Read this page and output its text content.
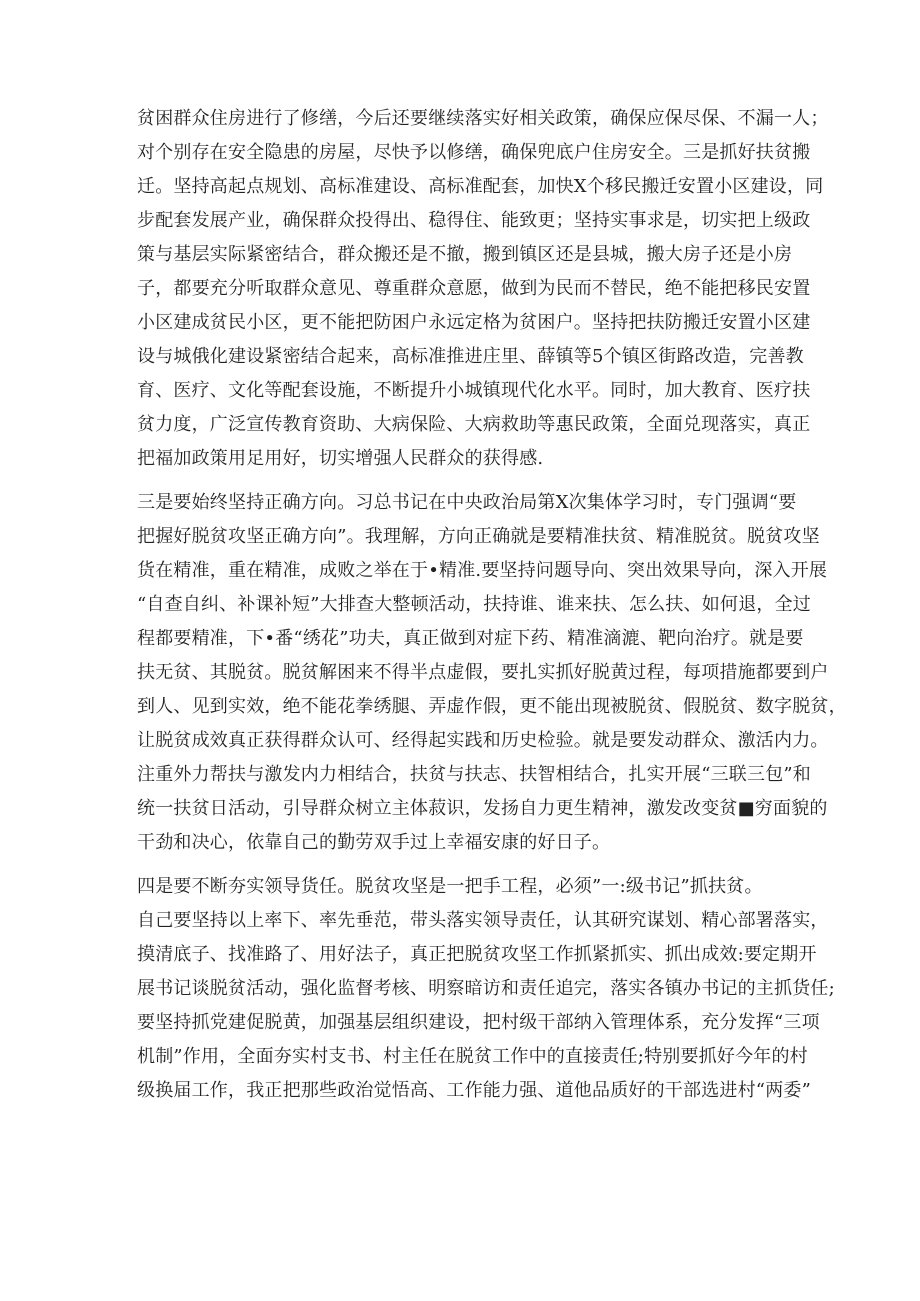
贫困群众住房进行了修缮，今后还要继续落实好相关政策，确保应保尽保、不漏一人；
对个别存在安全隐患的房屋，尽快予以修缮，确保兜底户住房安全。三是抓好扶贫搬
迁。坚持高起点规划、高标准建设、高标准配套，加快X个移民搬迁安置小区建设，同
步配套发展产业，确保群众投得出、稳得住、能致更；坚持实事求是，切实把上级政
策与基层实际紧密结合，群众搬还是不撤，搬到镇区还是县城，搬大房子还是小房
子，都要充分听取群众意见、尊重群众意愿，做到为民而不替民，绝不能把移民安置
小区建成贫民小区，更不能把防困户永远定格为贫困户。坚持把扶防搬迁安置小区建
设与城俄化建设紧密结合起来，高标准推进庄里、薛镇等5个镇区街路改造，完善教
育、医疗、文化等配套设施，不断提升小城镇现代化水平。同时，加大教育、医疗扶
贫力度，广泛宣传教育资助、大病保险、大病救助等惠民政策，全面兑现落实，真正
把福加政策用足用好，切实增强人民群众的获得感.
三是要始终坚持正确方向。习总书记在中央政治局第X次集体学习时，专门强调“要
把握好脱贫攻坚正确方向”。我理解，方向正确就是要精准扶贫、精准脱贫。脱贫攻坚
货在精准，重在精准，成败之举在于•精准.要坚持问题导向、突出效果导向，深入开展
“自查自纠、补课补短”大排查大整顿活动，扶持谁、谁来扶、怎么扶、如何退，全过
程都要精准，下•番“绣花”功夫，真正做到对症下药、精准滴漉、靶向治疗。就是要
扶无贫、其脱贫。脱贫解困来不得半点虚假，要扎实抓好脱黄过程，每项措施都要到户
到人、见到实效，绝不能花拳绣腿、弄虚作假，更不能出现被脱贫、假脱贫、数字脱贫，
让脱贫成效真正获得群众认可、经得起实践和历史检验。就是要发动群众、激活内力。
注重外力帮扶与激发内力相结合，扶贫与扶志、扶智相结合，扎实开展“三联三包”和
统一扶贫日活动，引导群众树立主体菽识，发扬自力更生精神，激发改变贫■穷面貌的
干劲和决心，依靠自己的勤劳双手过上幸福安康的好日子。
四是要不断夯实领导货任。脱贫攻坚是一把手工程，必须”一:级书记”抓扶贫。
自己要坚持以上率下、率先垂范，带头落实领导责任，认其研究谋划、精心部署落实，
摸清底子、找准路了、用好法子，真正把脱贫攻坚工作抓紧抓实、抓出成效:要定期开
展书记谈脱贫活动，强化监督考核、明察暗访和责任追完，落实各镇办书记的主抓货任;
要坚持抓党建促脱黄，加强基层组织建设，把村级干部纳入管理体系，充分发挥“三项
机制”作用，全面夯实村支书、村主任在脱贫工作中的直接责任;特别要抓好今年的村
级换届工作，我正把那些政治觉悟高、工作能力强、道他品质好的干部选进村“两委”
